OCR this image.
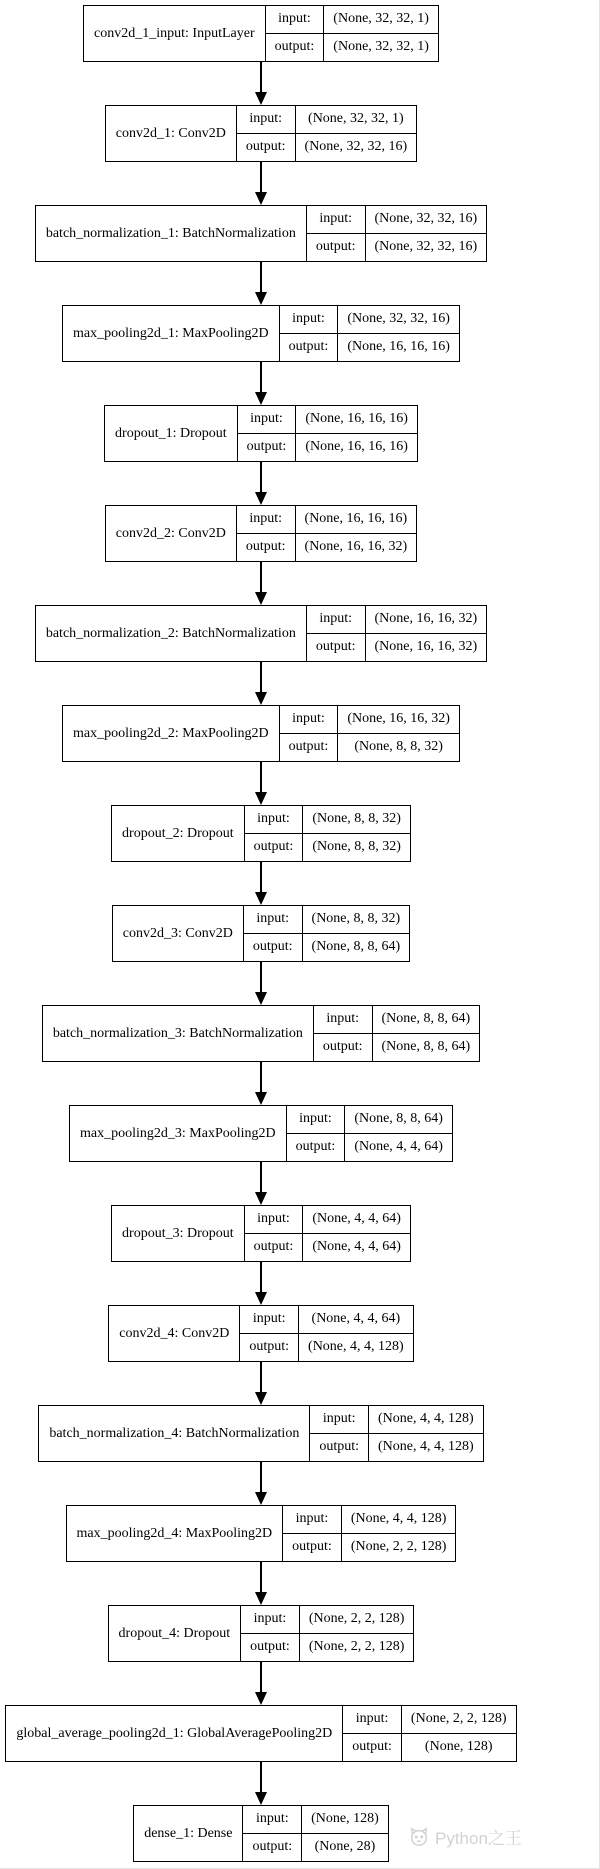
conv2d_1_input: InputLayer
input:	(None, 32, 32, 1)
output:	(None, 32, 32, 1)
conv2d_1: Conv2D
input:	(None, 32, 32, 1)
output:	(None, 32, 32, 16)
batch_normalization_1: BatchNormalization
input:	(None, 32, 32, 16)
output:	(None, 32, 32, 16)
max_pooling2d_1: MaxPooling2D
input:	(None, 32, 32, 16)
output:	(None, 16, 16, 16)
dropout_1: Dropout
input:	(None, 16, 16, 16)
output:	(None, 16, 16, 16)
conv2d_2: Conv2D
input:	(None, 16, 16, 16)
output:	(None, 16, 16, 32)
batch_normalization_2: BatchNormalization
input:	(None, 16, 16, 32)
output:	(None, 16, 16, 32)
max_pooling2d_2: MaxPooling2D
input:	(None, 16, 16, 32)
output:	(None, 8, 8, 32)
dropout_2: Dropout
input:	(None, 8, 8, 32)
output:	(None, 8, 8, 32)
conv2d_3: Conv2D
input:	(None, 8, 8, 32)
output:	(None, 8, 8, 64)
batch_normalization_3: BatchNormalization
input:	(None, 8, 8, 64)
output:	(None, 8, 8, 64)
max_pooling2d_3: MaxPooling2D
input:	(None, 8, 8, 64)
output:	(None, 4, 4, 64)
dropout_3: Dropout
input:	(None, 4, 4, 64)
output:	(None, 4, 4, 64)
conv2d_4: Conv2D
input:	(None, 4, 4, 64)
output:	(None, 4, 4, 128)
batch_normalization_4: BatchNormalization
input:	(None, 4, 4, 128)
output:	(None, 4, 4, 128)
max_pooling2d_4: MaxPooling2D
input:	(None, 4, 4, 128)
output:	(None, 2, 2, 128)
dropout_4: Dropout
input:	(None, 2, 2, 128)
output:	(None, 2, 2, 128)
global_average_pooling2d_1: GlobalAveragePooling2D
input:	(None, 2, 2, 128)
output:	(None, 128)
dense_1: Dense
input:	(None, 128)
output:	(None, 28)	Python之王
